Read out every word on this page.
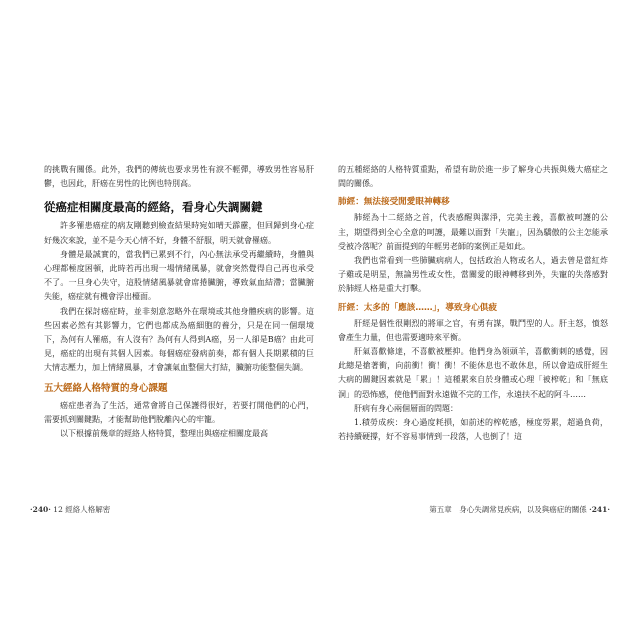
的挑戰有關係。此外，我們的傳統也要求男性有淚不輕彈，導致男性容易肝鬱，也因此，肝癌在男性的比例也特別高。

從癌症相關度最高的經絡，看身心失調關鍵

許多罹患癌症的病友剛聽到檢查結果時宛如晴天霹靂，但回歸到身心症好幾次來說，並不是今天心情不好，身體不舒服，明天就會罹癌。

身體是最誠實的，當我們已累到不行，內心無法承受再繼續時，身體與心理都極度困頓，此時若再出現一場情緒風暴，就會突然覺得自己再也承受不了。一旦身心失守，這股情緒風暴就會席捲臟腑，導致氣血結滯；當臟腑失能，癌症就有機會浮出檯面。

我們在探討癌症時，並非刻意忽略外在環境或其他身體疾病的影響。這些因素必然有其影響力，它們也都成為癌細胞的養分，只是在同一個環境下，為何有人罹癌，有人沒有？為何有人得到A癌，另一人卻是B癌？由此可見，癌症的出現有其個人因素。每個癌症發病前奏，都有個人長期累積的巨大情志壓力，加上情緒風暴，才會讓氣血整個大打結，臟腑功能整個失調。

五大經絡人格特質的身心課題

癌症患者為了生活，通常會將自己保護得很好，若要打開他們的心門，需要抓到關鍵點，才能幫助他們脫離內心的牢籠。

以下根據前幾章的經絡人格特質，整理出與癌症相關度最高

的五種經絡的人格特質重點，希望有助於進一步了解身心共振與幾大癌症之間的關係。

肺經：無法接受閒愛眼神轉移

肺經為十二經絡之首，代表感醒與潔淨，完美主義，喜歡被呵護的公主，期望得到全心全意的呵護，最難以面對「失寵」，因為驕傲的公主怎能承受被冷落呢？前面提到的年輕男老師的案例正是如此。

我們也常看到一些肺臟病病人，包括政治人物或名人，過去曾是當紅炸子雞或是明星，無論男性或女性，當關愛的眼神轉移到外，失寵的失落感對於肺經人格是重大打擊。

肝經：太多的「應該……」，導致身心俱疲

肝經是個性很剛烈的將軍之官，有勇有謀，戰鬥型的人。肝主怒，憤怒會產生力量，但也需要適時來平衡。

肝氣喜歡條達，不喜歡被壓抑。他們身為領頭羊，喜歡衝刺的感覺，因此總是搶著衝，向前衝！衝！衝！不能休息也不敢休息，所以會造成肝經生大病的關鍵因素就是「累」！這種累來自於身體或心理「被榨乾」和「無底洞」的恐怖感，使他們面對永遠做不完的工作，永遠扶不起的阿斗……

肝病有身心兩個層面的問題：

1.積勞成疾：身心過度耗損，如前述的榨乾感，極度勞累，超過負荷，若持續硬撐，好不容易事情到一段落，人也倒了！這

·240· 12 經絡人格解密	第五章　身心失調常見疾病，以及與癌症的關係 ·241·
